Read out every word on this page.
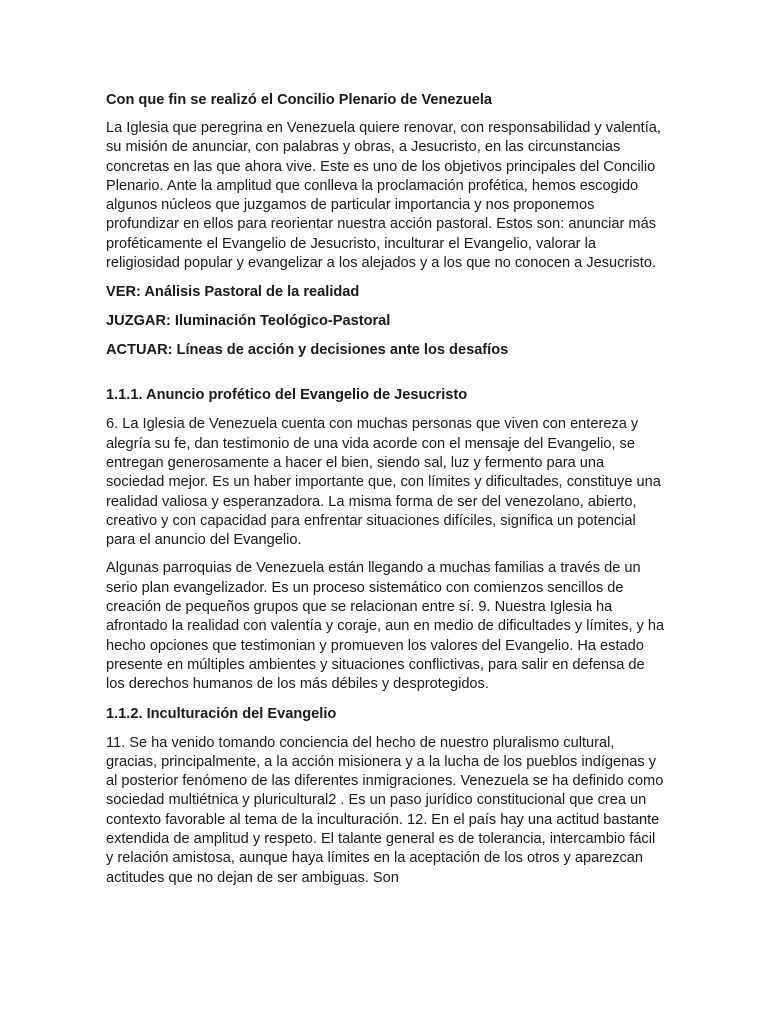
Con que fin se realizó el Concilio Plenario de Venezuela
La Iglesia que peregrina en Venezuela quiere renovar, con responsabilidad y valentía, su misión de anunciar, con palabras y obras, a Jesucristo, en las circunstancias concretas en las que ahora vive. Este es uno de los objetivos principales del Concilio Plenario. Ante la amplitud que conlleva la proclamación profética, hemos escogido algunos núcleos que juzgamos de particular importancia y nos proponemos profundizar en ellos para reorientar nuestra acción pastoral. Estos son: anunciar más proféticamente el Evangelio de Jesucristo, inculturar el Evangelio, valorar la religiosidad popular y evangelizar a los alejados y a los que no conocen a Jesucristo.
VER: Análisis Pastoral de la realidad
JUZGAR: Iluminación Teológico-Pastoral
ACTUAR: Líneas de acción y decisiones ante los desafíos
1.1.1. Anuncio profético del Evangelio de Jesucristo
6. La Iglesia de Venezuela cuenta con muchas personas que viven con entereza y alegría su fe, dan testimonio de una vida acorde con el mensaje del Evangelio, se entregan generosamente a hacer el bien, siendo sal, luz y fermento para una sociedad mejor. Es un haber importante que, con límites y dificultades, constituye una realidad valiosa y esperanzadora. La misma forma de ser del venezolano, abierto, creativo y con capacidad para enfrentar situaciones difíciles, significa un potencial para el anuncio del Evangelio.
Algunas parroquias de Venezuela están llegando a muchas familias a través de un serio plan evangelizador. Es un proceso sistemático con comienzos sencillos de creación de pequeños grupos que se relacionan entre sí. 9. Nuestra Iglesia ha afrontado la realidad con valentía y coraje, aun en medio de dificultades y límites, y ha hecho opciones que testimonian y promueven los valores del Evangelio. Ha estado presente en múltiples ambientes y situaciones conflictivas, para salir en defensa de los derechos humanos de los más débiles y desprotegidos.
1.1.2. Inculturación del Evangelio
11. Se ha venido tomando conciencia del hecho de nuestro pluralismo cultural, gracias, principalmente, a la acción misionera y a la lucha de los pueblos indígenas y al posterior fenómeno de las diferentes inmigraciones. Venezuela se ha definido como sociedad multiétnica y pluricultural2 . Es un paso jurídico constitucional que crea un contexto favorable al tema de la inculturación. 12. En el país hay una actitud bastante extendida de amplitud y respeto. El talante general es de tolerancia, intercambio fácil y relación amistosa, aunque haya límites en la aceptación de los otros y aparezcan actitudes que no dejan de ser ambiguas. Son
